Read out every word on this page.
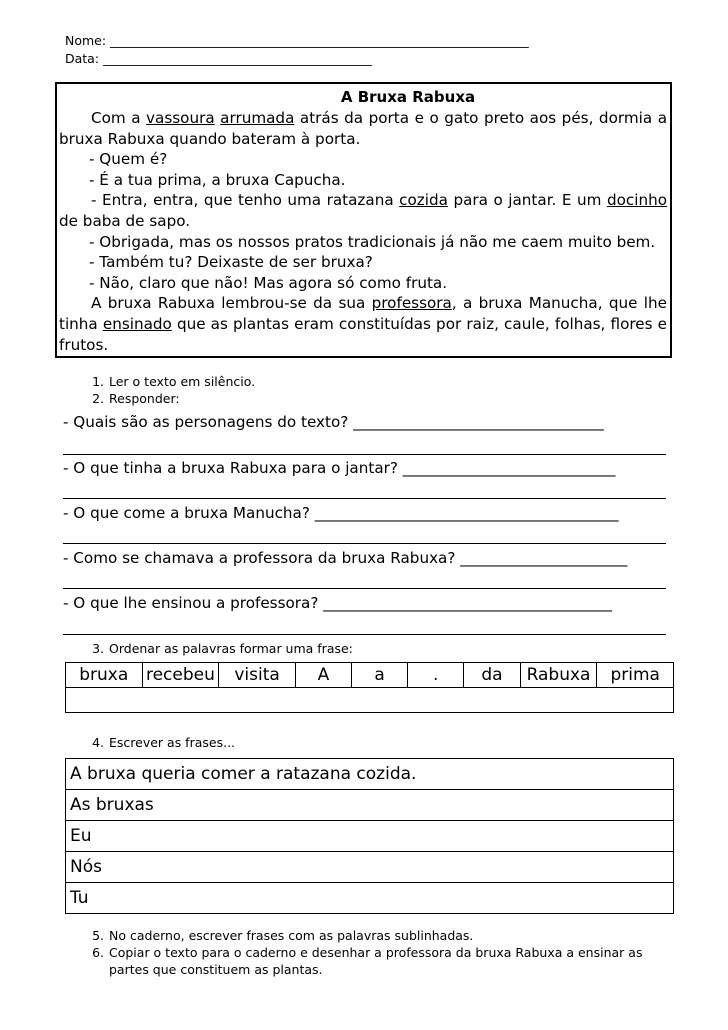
Nome: ___________________________________________________________________
Data: ___________________________________________
A Bruxa Rabuxa

Com a vassoura arrumada atrás da porta e o gato preto aos pés, dormia a bruxa Rabuxa quando bateram à porta.

- Quem é?

- É a tua prima, a bruxa Capucha.

- Entra, entra, que tenho uma ratazana cozida para o jantar. E um docinho de baba de sapo.

- Obrigada, mas os nossos pratos tradicionais já não me caem muito bem.

- Também tu? Deixaste de ser bruxa?

- Não, claro que não! Mas agora só como fruta.

A bruxa Rabuxa lembrou-se da sua professora, a bruxa Manucha, que lhe tinha ensinado que as plantas eram constituídas por raiz, caule, folhas, flores e frutos.

1. Ler o texto em silêncio.
2. Responder:
- Quais são as personagens do texto? _________________________________
- O que tinha a bruxa Rabuxa para o jantar? ____________________________
- O que come a bruxa Manucha? ________________________________________
- Como se chamava a professora da bruxa Rabuxa? ______________________
- O que lhe ensinou a professora? ______________________________________
3. Ordenar as palavras formar uma frase:
bruxa	recebeu	visita	A	a	.	da	Rabuxa	prima

4. Escrever as frases...
A bruxa queria comer a ratazana cozida.
As bruxas
Eu
Nós
Tu
5. No caderno, escrever frases com as palavras sublinhadas.
6. Copiar o texto para o caderno e desenhar a professora da bruxa Rabuxa a ensinar as partes que constituem as plantas.
